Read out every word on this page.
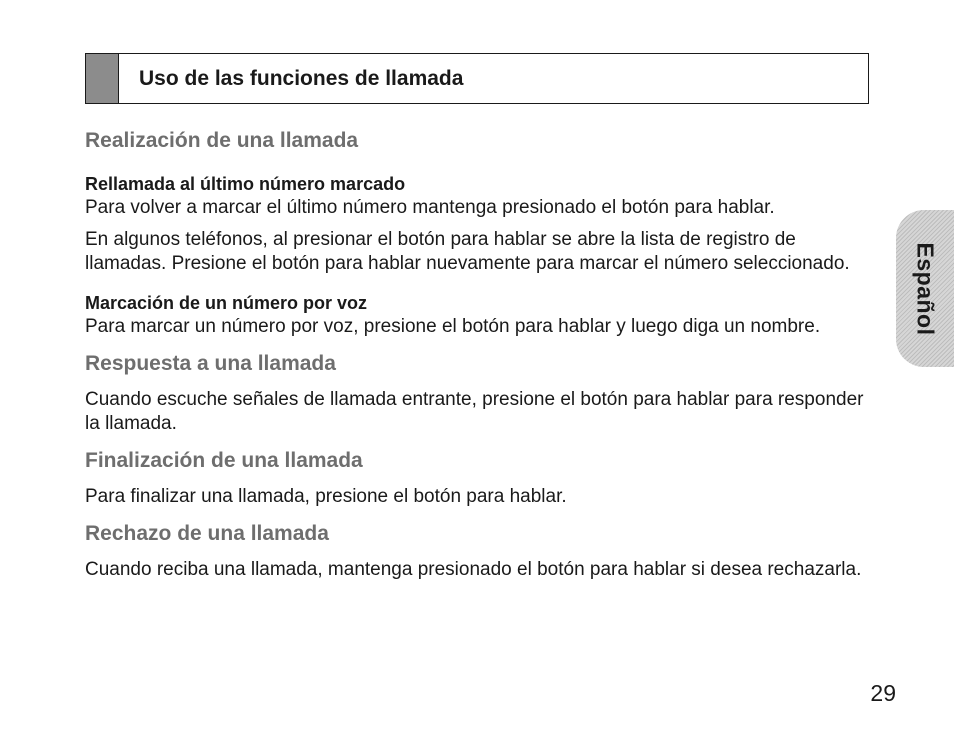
Uso de las funciones de llamada
Realización de una llamada
Rellamada al último número marcado

Para volver a marcar el último número mantenga presionado el botón para hablar.

En algunos teléfonos, al presionar el botón para hablar se abre la lista de registro de llamadas. Presione el botón para hablar nuevamente para marcar el número seleccionado.

Marcación de un número por voz

Para marcar un número por voz, presione el botón para hablar y luego diga un nombre.

Respuesta a una llamada

Cuando escuche señales de llamada entrante, presione el botón para hablar para responder la llamada.

Finalización de una llamada

Para finalizar una llamada, presione el botón para hablar.

Rechazo de una llamada

Cuando reciba una llamada, mantenga presionado el botón para hablar si desea rechazarla.

Español
29
